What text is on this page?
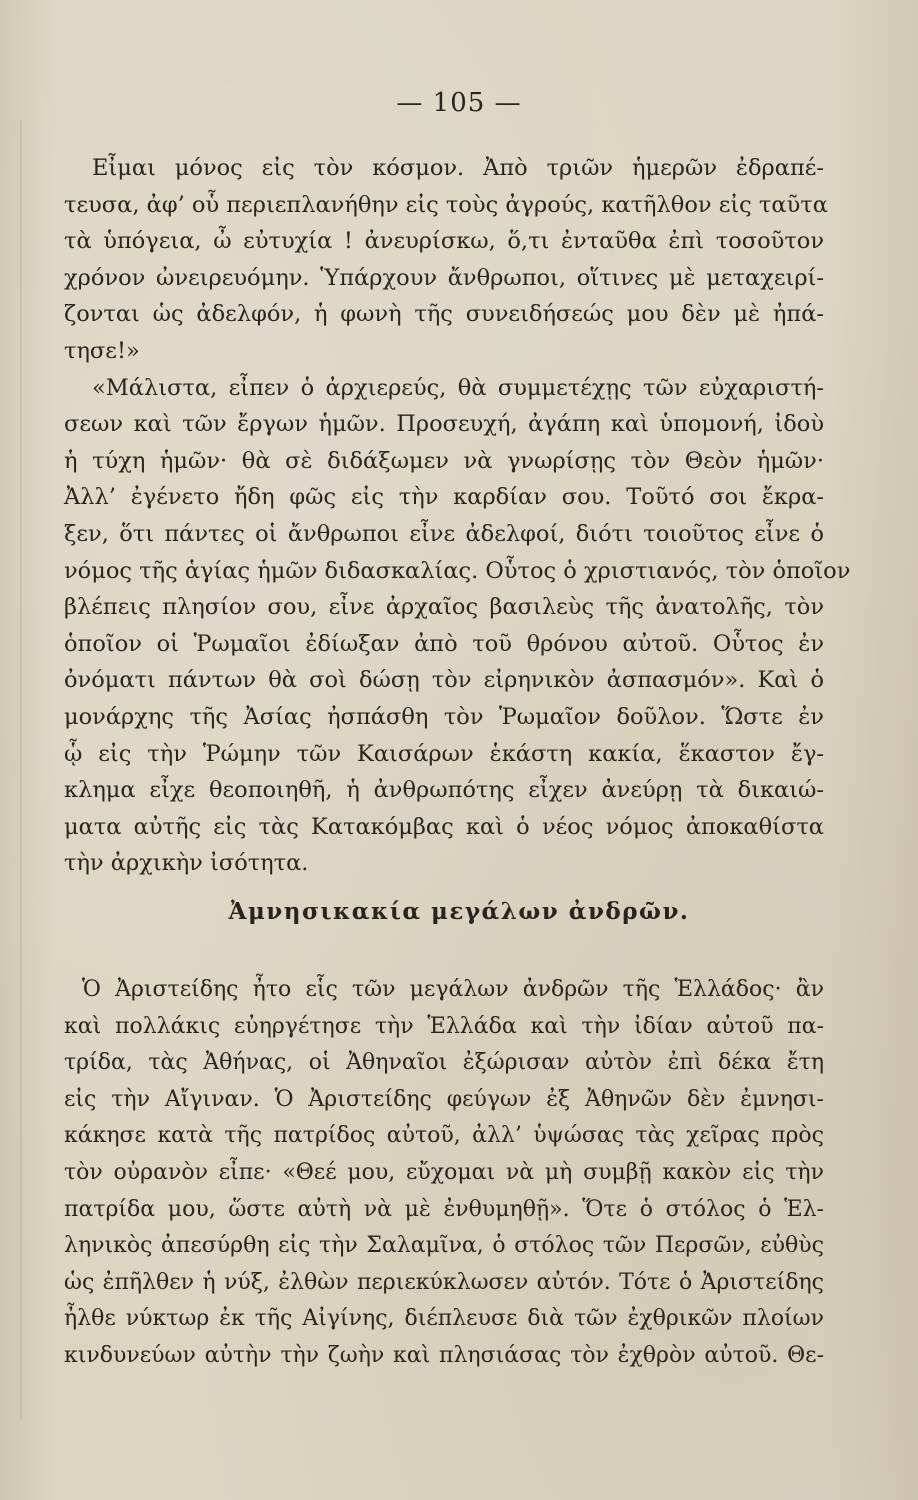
— 105 —
Εἶμαι μόνος εἰς τὸν κόσμον. Ἀπὸ τριῶν ἡμερῶν ἐδραπέ-
τευσα, ἀφ’ οὗ περιεπλανήθην εἰς τοὺς ἀγρούς, κατῆλθον εἰς ταῦτα
τὰ ὑπόγεια, ὦ εὐτυχία ! ἀνευρίσκω, ὅ,τι ἐνταῦθα ἐπὶ τοσοῦτον
χρόνον ὠνειρευόμην. Ὑπάρχουν ἄνθρωποι, οἵτινες μὲ μεταχειρί-
ζονται ὡς ἀδελφόν, ἡ φωνὴ τῆς συνειδήσεώς μου δὲν μὲ ἠπά-
τησε!»
«Μάλιστα, εἶπεν ὁ ἀρχιερεύς, θὰ συμμετέχῃς τῶν εὐχαριστή-
σεων καὶ τῶν ἔργων ἡμῶν. Προσευχή, ἀγάπη καὶ ὑπομονή, ἰδοὺ
ἡ τύχη ἡμῶν· θὰ σὲ διδάξωμεν νὰ γνωρίσῃς τὸν Θεὸν ἡμῶν·
Ἀλλ’ ἐγένετο ἤδη φῶς εἰς τὴν καρδίαν σου. Τοῦτό σοι ἔκρα-
ξεν, ὅτι πάντες οἱ ἄνθρωποι εἶνε ἀδελφοί, διότι τοιοῦτος εἶνε ὁ
νόμος τῆς ἁγίας ἡμῶν διδασκαλίας. Οὗτος ὁ χριστιανός, τὸν ὁποῖον
βλέπεις πλησίον σου, εἶνε ἀρχαῖος βασιλεὺς τῆς ἀνατολῆς, τὸν
ὁποῖον οἱ Ῥωμαῖοι ἐδίωξαν ἀπὸ τοῦ θρόνου αὐτοῦ. Οὗτος ἐν
ὀνόματι πάντων θὰ σοὶ δώσῃ τὸν εἰρηνικὸν ἀσπασμόν». Καὶ ὁ
μονάρχης τῆς Ἀσίας ἠσπάσθη τὸν Ῥωμαῖον δοῦλον. Ὥστε ἐν
ᾧ εἰς τὴν Ῥώμην τῶν Καισάρων ἑκάστη κακία, ἕκαστον ἔγ-
κλημα εἶχε θεοποιηθῆ, ἡ ἀνθρωπότης εἶχεν ἀνεύρῃ τὰ δικαιώ-
ματα αὐτῆς εἰς τὰς Κατακόμβας καὶ ὁ νέος νόμος ἀποκαθίστα
τὴν ἀρχικὴν ἰσότητα.
Ἀμνησικακία μεγάλων ἀνδρῶν.
Ὁ Ἀριστείδης ἦτο εἷς τῶν μεγάλων ἀνδρῶν τῆς Ἑλλάδος· ἂν
καὶ πολλάκις εὐηργέτησε τὴν Ἑλλάδα καὶ τὴν ἰδίαν αὐτοῦ πα-
τρίδα, τὰς Ἀθήνας, οἱ Ἀθηναῖοι ἐξώρισαν αὐτὸν ἐπὶ δέκα ἔτη
εἰς τὴν Αἴγιναν. Ὁ Ἀριστείδης φεύγων ἐξ Ἀθηνῶν δὲν ἐμνησι-
κάκησε κατὰ τῆς πατρίδος αὐτοῦ, ἀλλ’ ὑψώσας τὰς χεῖρας πρὸς
τὸν οὐρανὸν εἶπε· «Θεέ μου, εὔχομαι νὰ μὴ συμβῇ κακὸν εἰς τὴν
πατρίδα μου, ὥστε αὐτὴ νὰ μὲ ἐνθυμηθῇ». Ὅτε ὁ στόλος ὁ Ἑλ-
ληνικὸς ἀπεσύρθη εἰς τὴν Σαλαμῖνα, ὁ στόλος τῶν Περσῶν, εὐθὺς
ὡς ἐπῆλθεν ἡ νύξ, ἐλθὼν περιεκύκλωσεν αὐτόν. Τότε ὁ Ἀριστείδης
ἦλθε νύκτωρ ἐκ τῆς Αἰγίνης, διέπλευσε διὰ τῶν ἐχθρικῶν πλοίων
κινδυνεύων αὐτὴν τὴν ζωὴν καὶ πλησιάσας τὸν ἐχθρὸν αὐτοῦ. Θε-
